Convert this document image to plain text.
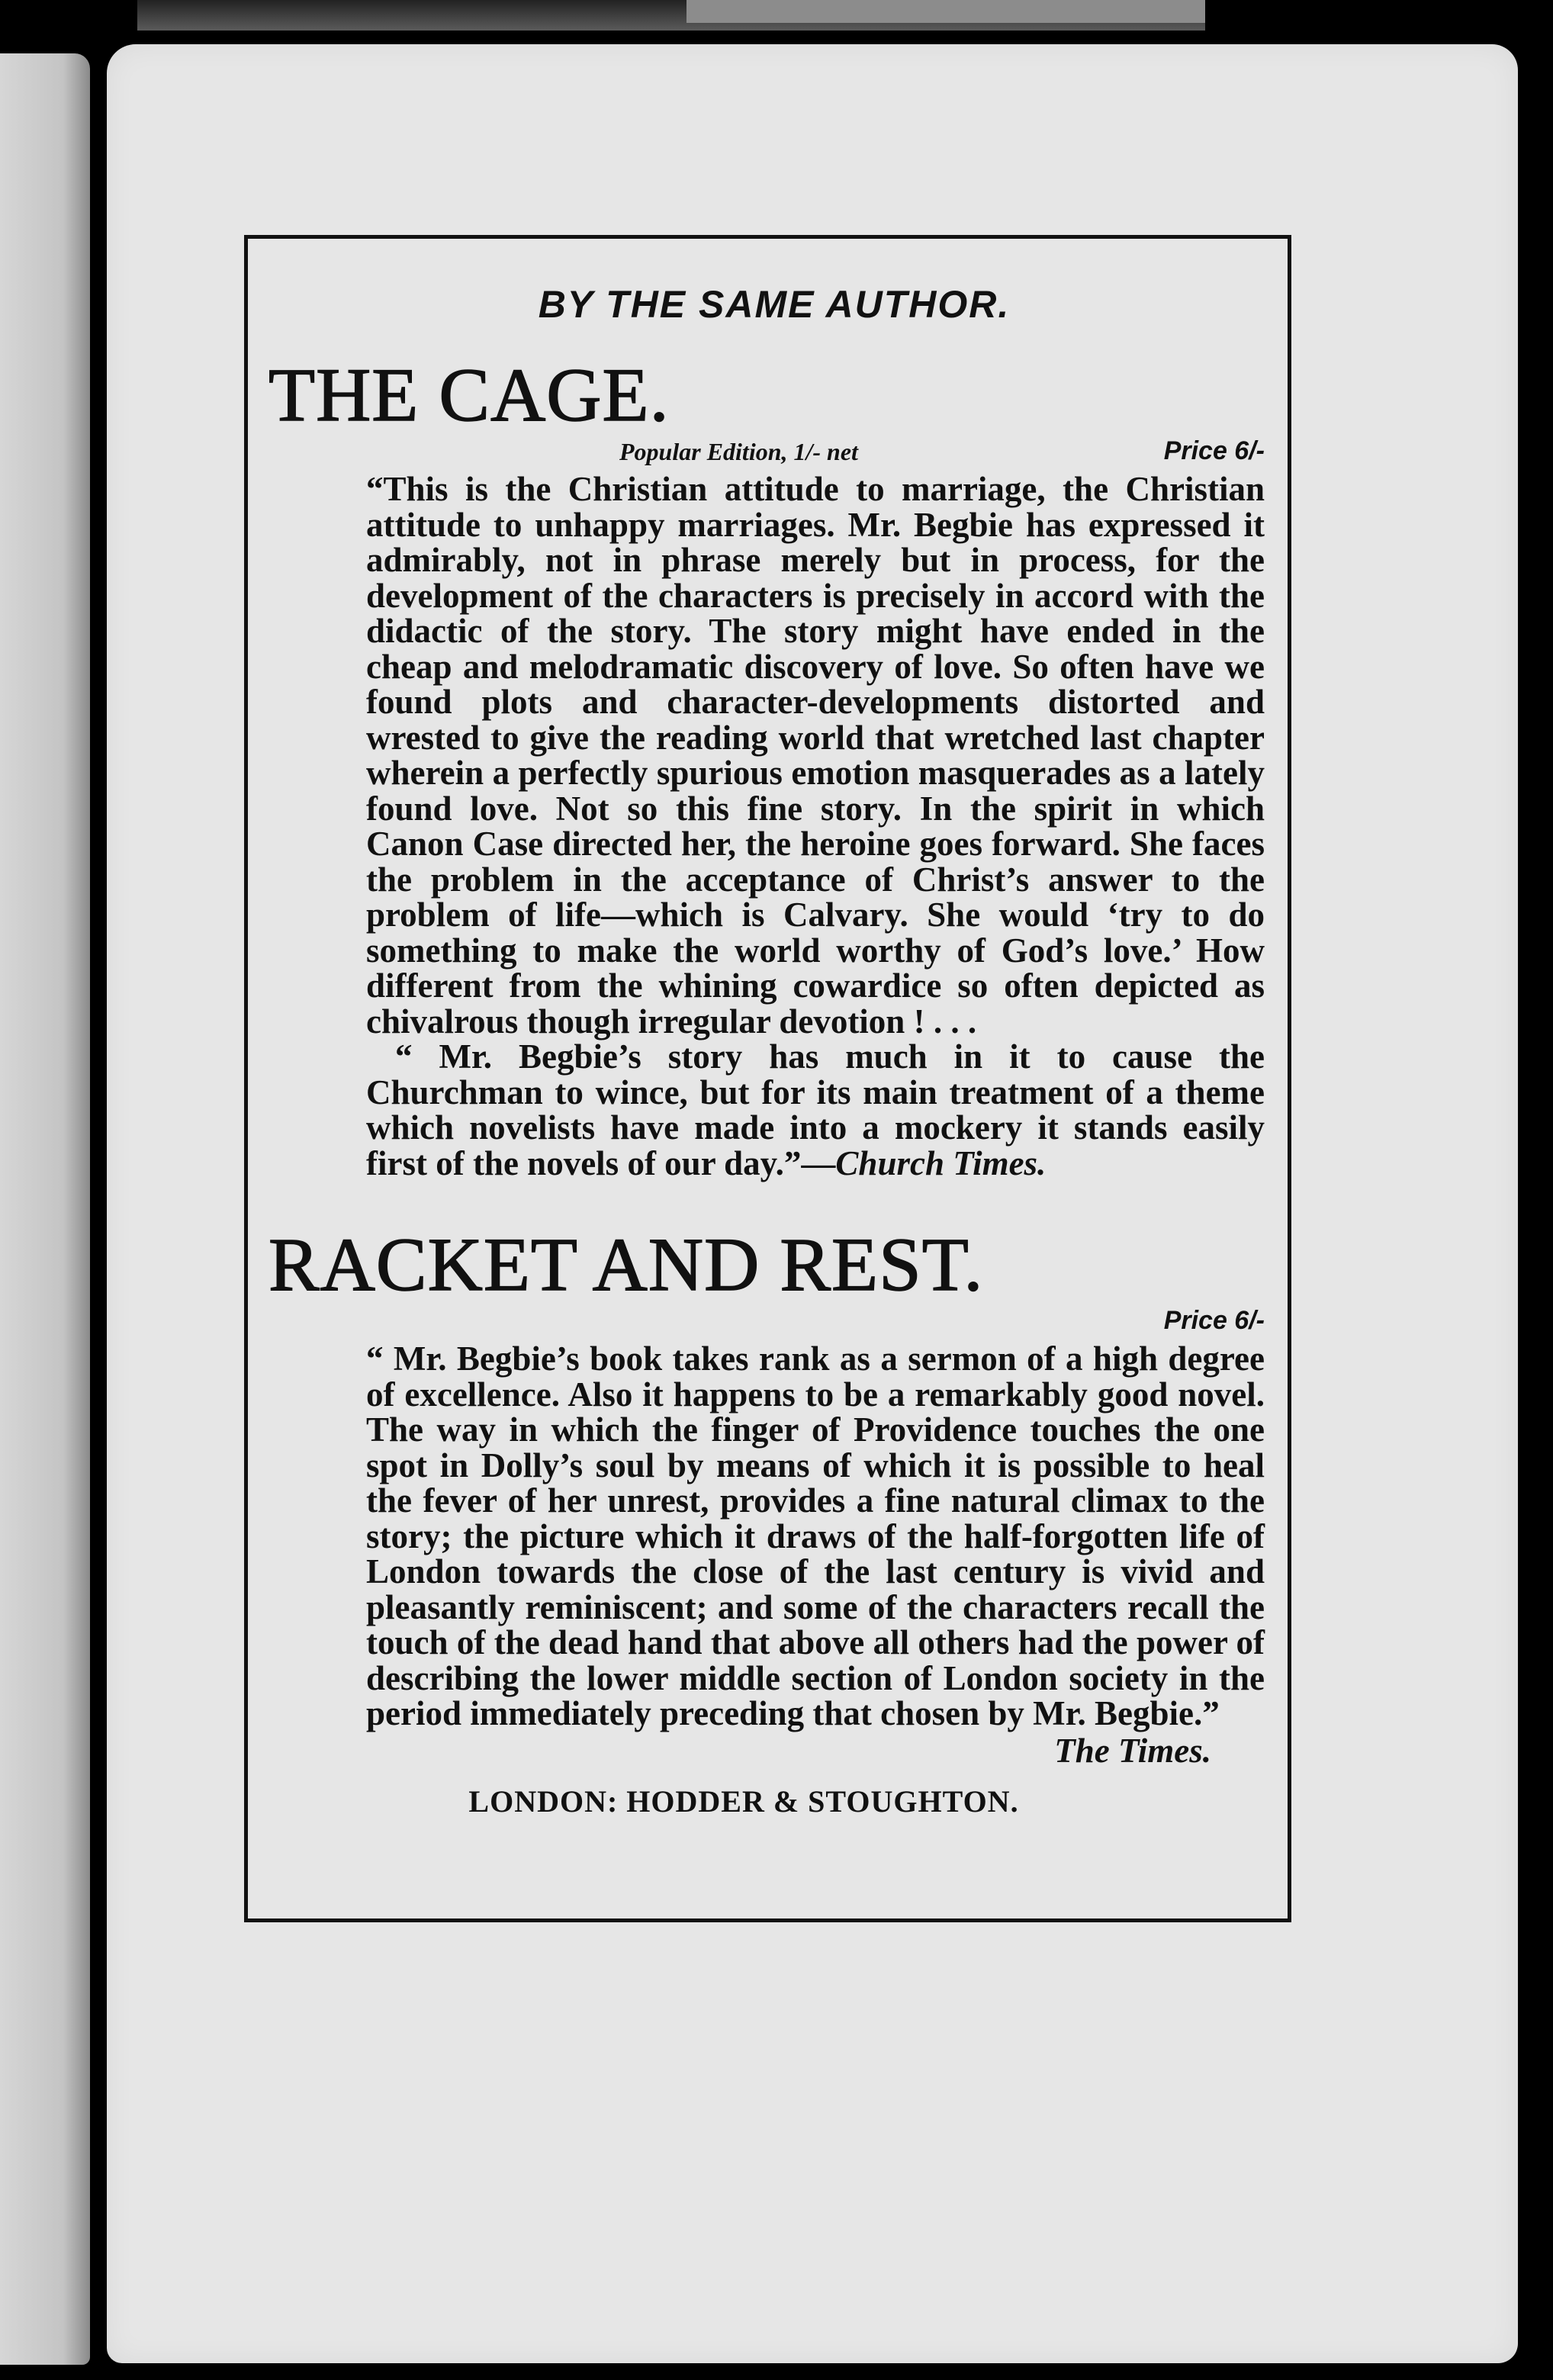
BY THE SAME AUTHOR.
THE CAGE.
Popular Edition, 1/- net	Price 6/-

“This is the Christian attitude to marriage, the Christian attitude to unhappy marriages. Mr. Begbie has expressed it admirably, not in phrase merely but in process, for the development of the characters is precisely in accord with the didactic of the story. The story might have ended in the cheap and melodramatic discovery of love. So often have we found plots and character-developments distorted and wrested to give the reading world that wretched last chapter wherein a perfectly spurious emotion masquerades as a lately found love. Not so this fine story. In the spirit in which Canon Case directed her, the heroine goes forward. She faces the problem in the acceptance of Christ’s answer to the problem of life—which is Calvary. She would ‘try to do something to make the world worthy of God’s love.’ How different from the whining cowardice so often depicted as chivalrous though irregular devotion ! . . .

“ Mr. Begbie’s story has much in it to cause the Churchman to wince, but for its main treatment of a theme which novelists have made into a mockery it stands easily first of the novels of our day.”—Church Times.

RACKET AND REST.
Price 6/-

“ Mr. Begbie’s book takes rank as a sermon of a high degree of excellence. Also it happens to be a remarkably good novel. The way in which the finger of Providence touches the one spot in Dolly’s soul by means of which it is possible to heal the fever of her unrest, provides a fine natural climax to the story; the picture which it draws of the half-forgotten life of London towards the close of the last century is vivid and pleasantly reminiscent; and some of the characters recall the touch of the dead hand that above all others had the power of describing the lower middle section of London society in the period immediately preceding that chosen by Mr. Begbie.”

The Times.

LONDON: HODDER & STOUGHTON.
